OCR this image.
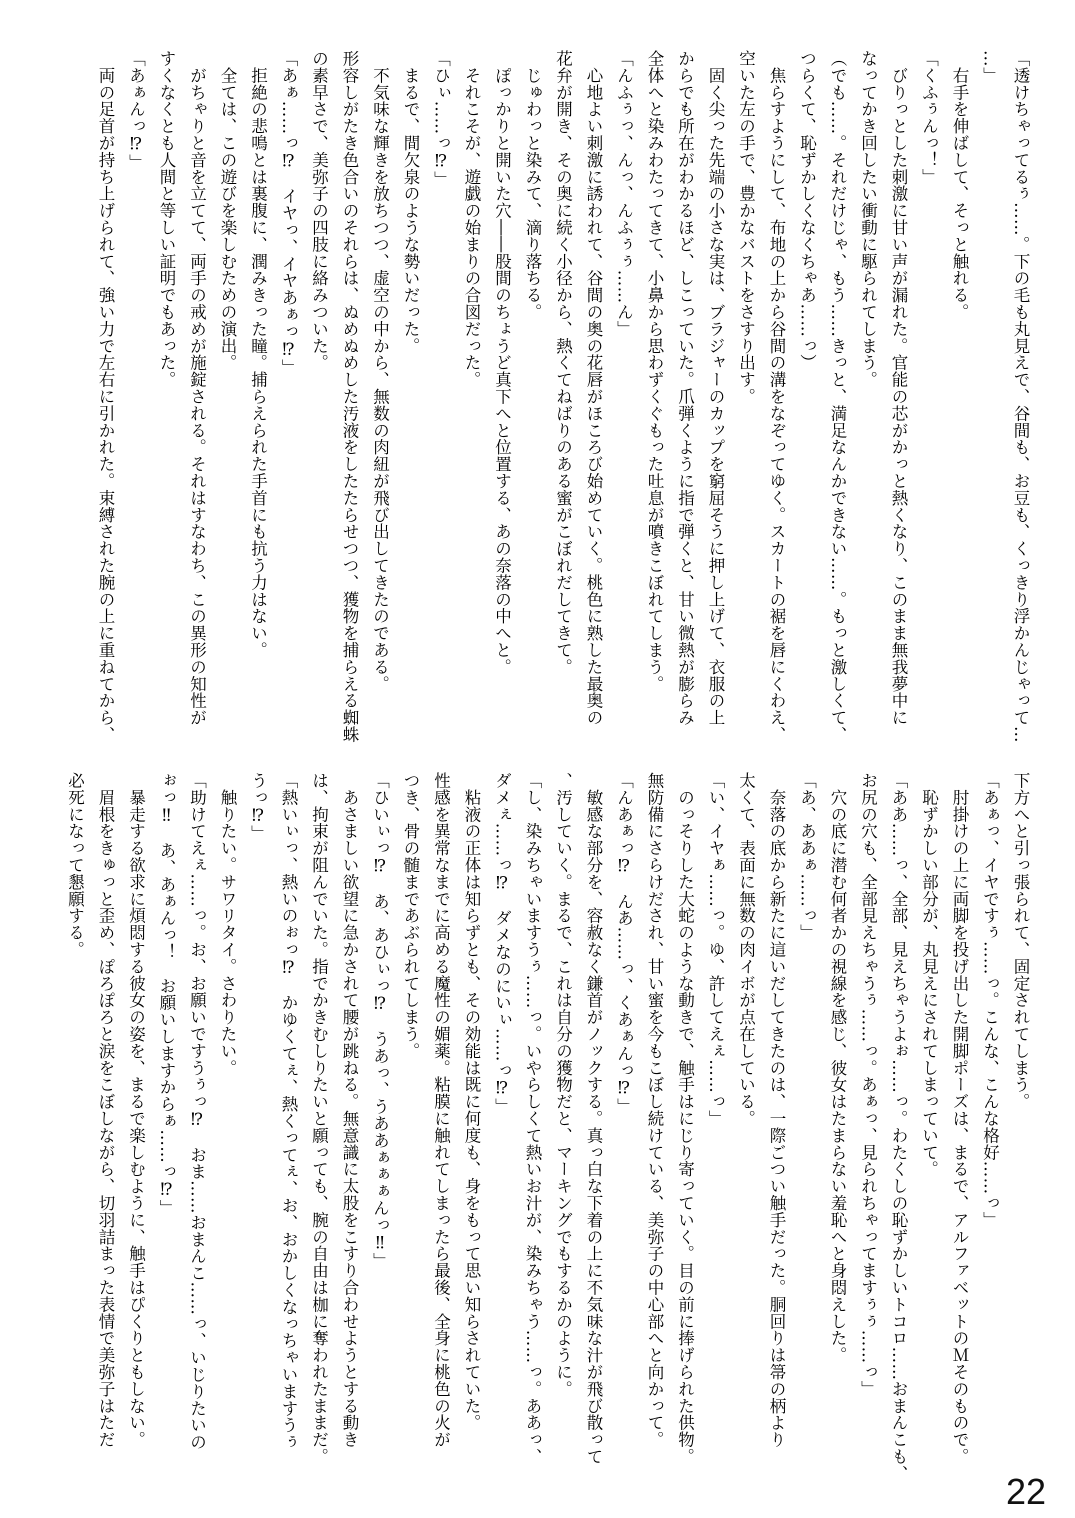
「透けちゃってるぅ……。下の毛も丸見えで、谷間も、お豆も、くっきり浮かんじゃって…

…」

　右手を伸ばして、そっと触れる。

「くふぅんっ！」

　びりっとした刺激に甘い声が漏れた。官能の芯がかっと熱くなり、このまま無我夢中に

なってかき回したい衝動に駆られてしまう。

（でも……。それだけじゃ、もう……きっと、満足なんかできない……。もっと激しくて、

つらくて、恥ずかしくなくちゃあ……っ）

　焦らすようにして、布地の上から谷間の溝をなぞってゆく。スカートの裾を唇にくわえ、

空いた左の手で、豊かなバストをさすり出す。

　固く尖った先端の小さな実は、ブラジャーのカップを窮屈そうに押し上げて、衣服の上

からでも所在がわかるほど、しこっていた。爪弾くように指で弾くと、甘い微熱が膨らみ

全体へと染みわたってきて、小鼻から思わずくぐもった吐息が噴きこぼれてしまう。

「んふぅっ、んっ、んふぅぅ……ん」

　心地よい刺激に誘われて、谷間の奥の花唇がほころび始めていく。桃色に熟した最奥の

花弁が開き、その奥に続く小径から、熱くてねばりのある蜜がこぼれだしてきて。

　じゅわっと染みて、滴り落ちる。

　ぽっかりと開いた穴――股間のちょうど真下へと位置する、あの奈落の中へと。

　それこそが、遊戯の始まりの合図だった。

「ひぃ……っ⁉」

　まるで、間欠泉のような勢いだった。

　不気味な輝きを放ちつつ、虚空の中から、無数の肉紐が飛び出してきたのである。

形容しがたき色合いのそれらは、ぬめぬめした汚液をしたたらせつつ、獲物を捕らえる蜘蛛

の素早さで、美弥子の四肢に絡みついた。

「あぁ……っ⁉　イヤっ、イヤあぁっ⁉」

　拒絶の悲鳴とは裏腹に、潤みきった瞳。捕らえられた手首にも抗う力はない。

　全ては、この遊びを楽しむための演出。

　がちゃりと音を立てて、両手の戒めが施錠される。それはすなわち、この異形の知性が

すくなくとも人間と等しい証明でもあった。

「あぁんっ⁉」

　両の足首が持ち上げられて、強い力で左右に引かれた。束縛された腕の上に重ねてから、

下方へと引っ張られて、固定されてしまう。

「あぁっ、イヤですぅ……っ。こんな、こんな格好……っ」

　肘掛けの上に両脚を投げ出した開脚ポーズは、まるで、アルファベットのＭそのもので。

　恥ずかしい部分が、丸見えにされてしまっていて。

「ああ……っ、全部、見えちゃうよぉ……っ。わたくしの恥ずかしいトコロ……おまんこも、

お尻の穴も、全部見えちゃうぅ……っ。あぁっ、見られちゃってますぅぅ……っ」

　穴の底に潜む何者かの視線を感じ、彼女はたまらない羞恥へと身悶えした。

「あ、ああぁ……っ」

　奈落の底から新たに這いだしてきたのは、一際ごつい触手だった。胴回りは箒の柄より

太くて、表面に無数の肉イボが点在している。

「い、イヤぁ……っ。ゆ、許してえぇ……っ」

　のっそりした大蛇のような動きで、触手はにじり寄っていく。目の前に捧げられた供物。

無防備にさらけだされ、甘い蜜を今もこぼし続けている、美弥子の中心部へと向かって。

「んあぁっ⁉　んあ……っ、くあぁんっ⁉」

　敏感な部分を、容赦なく鎌首がノックする。真っ白な下着の上に不気味な汁が飛び散って

、汚していく。まるで、これは自分の獲物だと、マーキングでもするかのように。

「し、染みちゃいますうぅ……っ。いやらしくて熱いお汁が、染みちゃう……っ。ああっ、

ダメぇ……っ⁉　ダメなのにいぃ……っ⁉」

　粘液の正体は知らずとも、その効能は既に何度も、身をもって思い知らされていた。

性感を異常なまでに高める魔性の媚薬。粘膜に触れてしまったら最後、全身に桃色の火が

つき、骨の髄まであぶられてしまう。

「ひいぃっ⁉　あ、あひぃっ⁉　うあっ、うああぁぁぁんっ‼」

　あさましい欲望に急かされて腰が跳ねる。無意識に太股をこすり合わせようとする動き

は、拘束が阻んでいた。指でかきむしりたいと願っても、腕の自由は枷に奪われたままだ。

「熱いぃっ、熱いのぉっ⁉　かゆくてぇ、熱くってぇ、お、おかしくなっちゃいますうぅ

うっ⁉」

　触りたい。サワリタイ。さわりたい。

「助けてえぇ……っ。お、お願いですうぅっ⁉　おま……おまんこ……っ、いじりたいの

ぉっ‼　あ、あぁんっ！　お願いしますからぁ……っ⁉」

　暴走する欲求に煩悶する彼女の姿を、まるで楽しむように、触手はぴくりともしない。

　眉根をきゅっと歪め、ぽろぽろと涙をこぼしながら、切羽詰まった表情で美弥子はただ

必死になって懇願する。

22
